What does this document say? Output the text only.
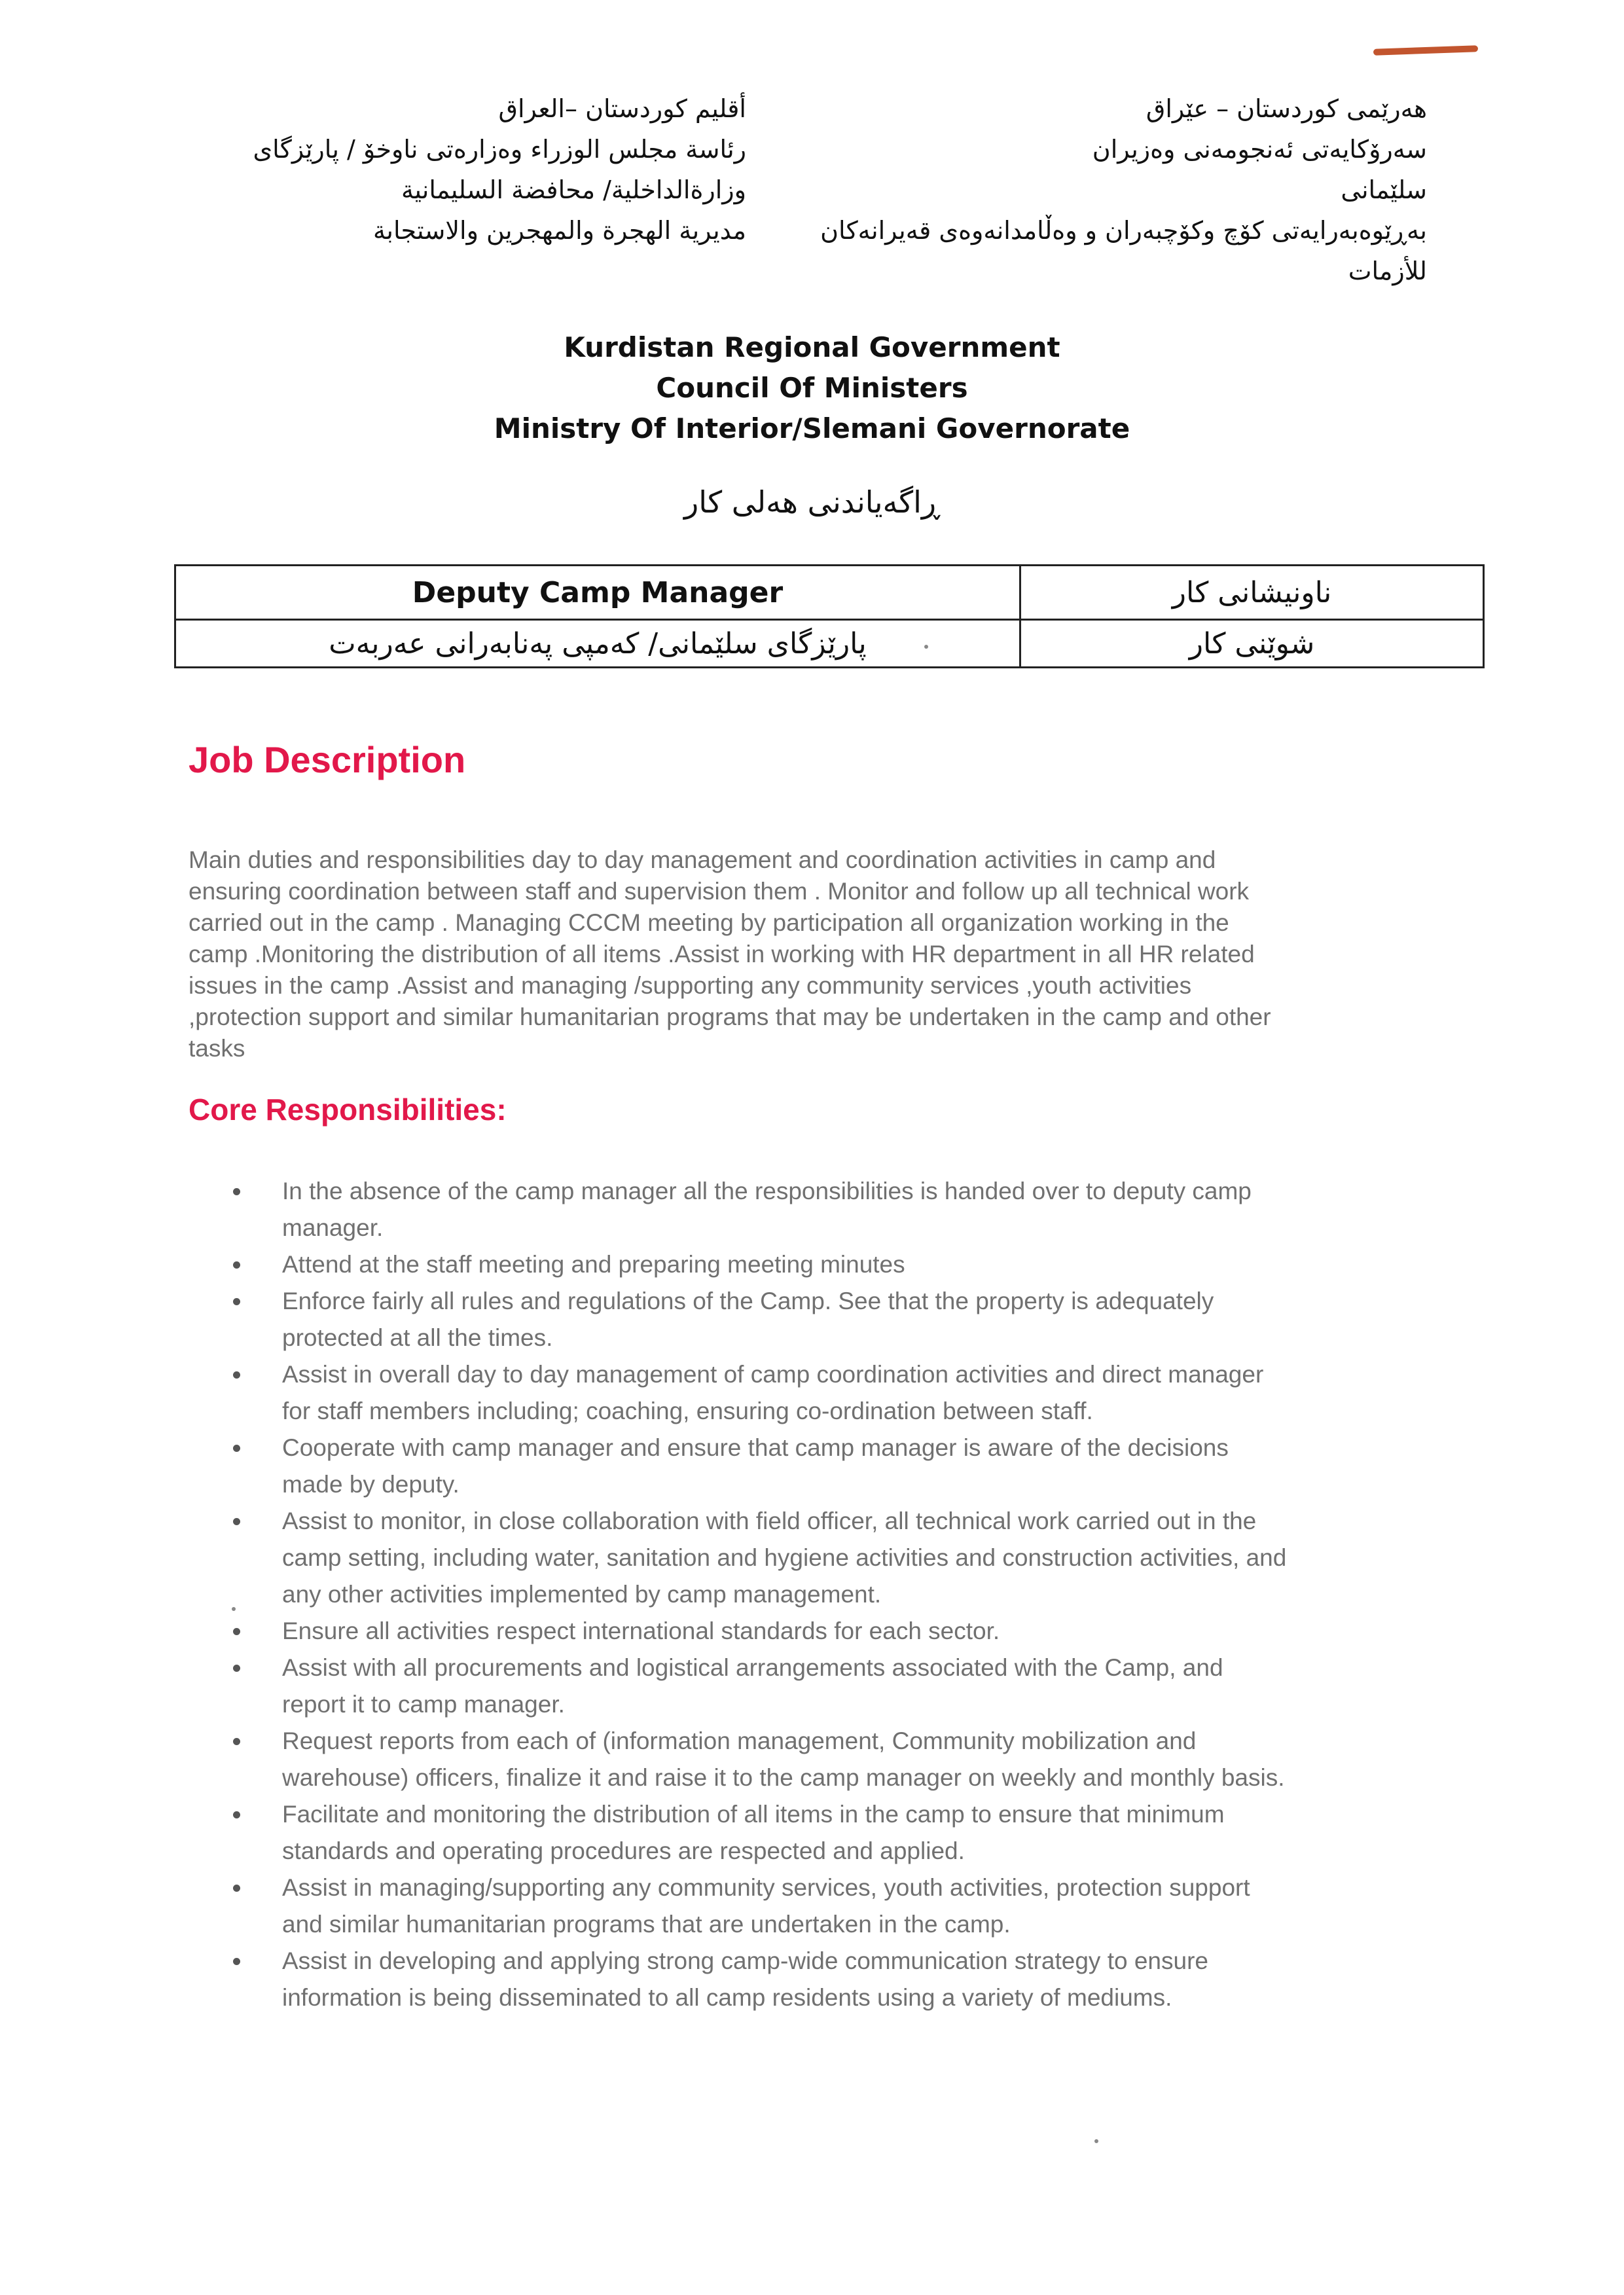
أقليم كوردستان –العراق
رئاسة مجلس الوزراء وەزارەتی ناوخۆ / پارێزگای
وزارةالداخلية/ محافضة السليمانية
مديرية الهجرة والمهجرين والاستجابة
هەرێمی کوردستان – عێراق
سەرۆکایەتی ئەنجومەنی وەزیران
سلێمانی
بەڕێوەبەرایەتی کۆچ وکۆچبەران و وەڵامدانەوەی قەیرانەکان
للأزمات
Kurdistan Regional Government
Council Of Ministers
Ministry Of Interior/Slemani Governorate
ڕاگەیاندنی هەلی کار
Deputy Camp Manager	ناونیشانی کار
پارێزگای سلێمانی/ کەمپی پەنابەرانی عەربەت	شوێنی کار
Job Description
Main duties and responsibilities day to day management and coordination activities in camp and
ensuring coordination between staff and supervision them . Monitor and follow up all technical work
carried out in the camp . Managing CCCM meeting by participation all organization working in the
camp .Monitoring the distribution of all items .Assist in working with HR department in all HR related
issues in the camp .Assist and managing /supporting any community services ,youth activities
,protection support and similar humanitarian programs that may be undertaken in the camp and other
tasks
Core Responsibilities:
In the absence of the camp manager all the responsibilities is handed over to deputy camp
manager.
Attend at the staff meeting and preparing meeting minutes
Enforce fairly all rules and regulations of the Camp. See that the property is adequately
protected at all the times.
Assist in overall day to day management of camp coordination activities and direct manager
for staff members including; coaching, ensuring co-ordination between staff.
Cooperate with camp manager and ensure that camp manager is aware of the decisions
made by deputy.
Assist to monitor, in close collaboration with field officer, all technical work carried out in the
camp setting, including water, sanitation and hygiene activities and construction activities, and
any other activities implemented by camp management.
Ensure all activities respect international standards for each sector.
Assist with all procurements and logistical arrangements associated with the Camp, and
report it to camp manager.
Request reports from each of (information management, Community mobilization and
warehouse) officers, finalize it and raise it to the camp manager on weekly and monthly basis.
Facilitate and monitoring the distribution of all items in the camp to ensure that minimum
standards and operating procedures are respected and applied.
Assist in managing/supporting any community services, youth activities, protection support
and similar humanitarian programs that are undertaken in the camp.
Assist in developing and applying strong camp-wide communication strategy to ensure
information is being disseminated to all camp residents using a variety of mediums.
